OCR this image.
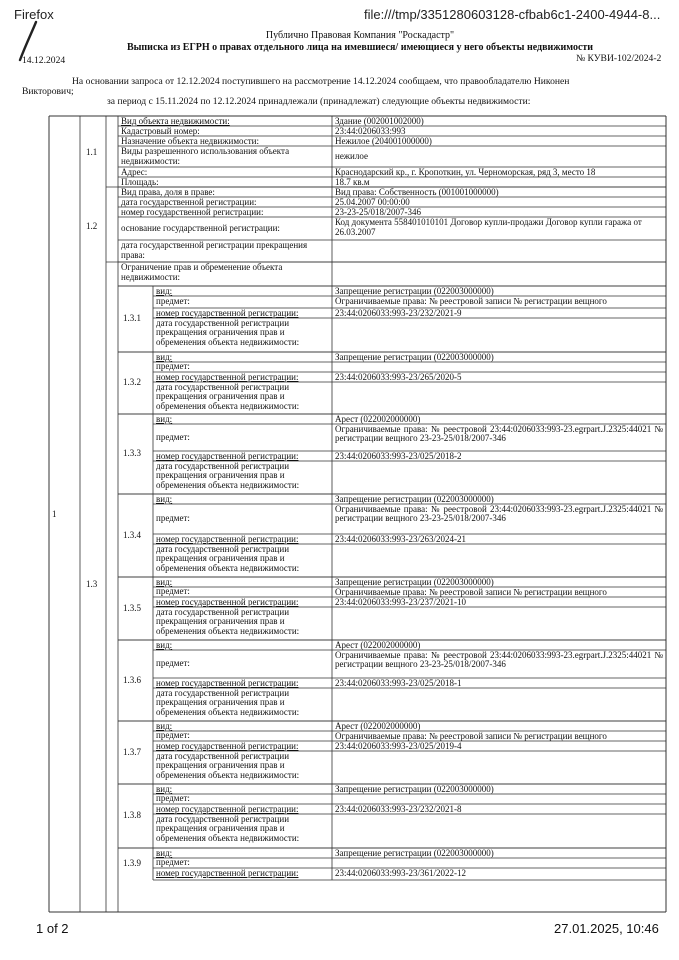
Firefox	file:///tmp/3351280603128-cfbab6c1-2400-4944-8...
Публично Правовая Компания "Роскадастр"
Выписка из ЕГРН о правах отдельного лица на имевшиеся/ имеющиеся у него объекты недвижимости
14.12.2024	№ КУВИ-102/2024-2
На основании запроса от 12.12.2024 поступившего на рассмотрение 14.12.2024 сообщаем, что правообладателю Никонен
Викторович;
за период с 15.11.2024 по 12.12.2024 принадлежали (принадлежат) следующие объекты недвижимости:
1
1.1
Вид объекта недвижимости:	Здание (002001002000)
Кадастровый номер:	23:44:0206033:993
Назначение объекта недвижимости:	Нежилое (204001000000)
Виды разрешенного использования объекта недвижимости:	нежилое
Адрес:	Краснодарский кр., г. Кропоткин, ул. Черноморская, ряд 3, место 18
Площадь:	18.7 кв.м
1.2
Вид права, доля в праве:	Вид права: Собственность (001001000000)
дата государственной регистрации:	25.04.2007 00:00:00
номер государственной регистрации:	23-23-25/018/2007-346
основание государственной регистрации:
Код документа 558401010101 Договор купли-продажи Договор купли гаража от 26.03.2007
дата государственной регистрации прекращения права:
1.3
Ограничение прав и обременение объекта недвижимости:
1.3.1
вид:	Запрещение регистрации (022003000000)
предмет:	Ограничиваемые права: № реестровой записи № регистрации вещного
номер государственной регистрации:	23:44:0206033:993-23/232/2021-9
дата государственной регистрации прекращения ограничения прав и обременения объекта недвижимости:
1.3.2
вид:	Запрещение регистрации (022003000000)
предмет:
номер государственной регистрации:	23:44:0206033:993-23/265/2020-5
дата государственной регистрации прекращения ограничения прав и обременения объекта недвижимости:
1.3.3
вид:	Арест (022002000000)
предмет:
Ограничиваемые права: № реестровой 23:44:0206033:993-23.egrpart.J.2325:44021 № регистрации вещного 23-23-25/018/2007-346
номер государственной регистрации:	23:44:0206033:993-23/025/2018-2
дата государственной регистрации прекращения ограничения прав и обременения объекта недвижимости:
1.3.4
вид:	Запрещение регистрации (022003000000)
предмет:
Ограничиваемые права: № реестровой 23:44:0206033:993-23.egrpart.J.2325:44021 № регистрации вещного 23-23-25/018/2007-346
номер государственной регистрации:	23:44:0206033:993-23/263/2024-21
дата государственной регистрации прекращения ограничения прав и обременения объекта недвижимости:
1.3.5
вид:	Запрещение регистрации (022003000000)
предмет:	Ограничиваемые права: № реестровой записи № регистрации вещного
номер государственной регистрации:	23:44:0206033:993-23/237/2021-10
дата государственной регистрации прекращения ограничения прав и обременения объекта недвижимости:
1.3.6
вид:	Арест (022002000000)
предмет:
Ограничиваемые права: № реестровой 23:44:0206033:993-23.egrpart.J.2325:44021 № регистрации вещного 23-23-25/018/2007-346
номер государственной регистрации:	23:44:0206033:993-23/025/2018-1
дата государственной регистрации прекращения ограничения прав и обременения объекта недвижимости:
1.3.7
вид:	Арест (022002000000)
предмет:	Ограничиваемые права: № реестровой записи № регистрации вещного
номер государственной регистрации:	23:44:0206033:993-23/025/2019-4
дата государственной регистрации прекращения ограничения прав и обременения объекта недвижимости:
1.3.8
вид:	Запрещение регистрации (022003000000)
предмет:
номер государственной регистрации:	23:44:0206033:993-23/232/2021-8
дата государственной регистрации прекращения ограничения прав и обременения объекта недвижимости:
1.3.9
вид:	Запрещение регистрации (022003000000)
предмет:
номер государственной регистрации:	23:44:0206033:993-23/361/2022-12
1 of 2	27.01.2025, 10:46
